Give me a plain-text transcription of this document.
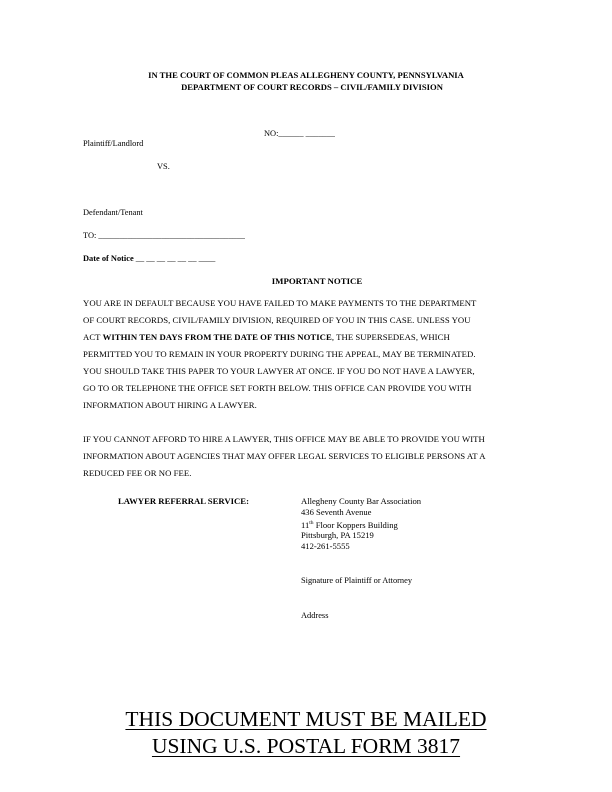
IN THE COURT OF COMMON PLEAS ALLEGHENY COUNTY, PENNSYLVANIA
DEPARTMENT OF COURT RECORDS – CIVIL/FAMILY DIVISION
NO:______ _______
Plaintiff/Landlord
VS.
Defendant/Tenant
TO: ___________________________________
Date of Notice __ __ __ __ __ __ ____
IMPORTANT NOTICE
YOU ARE IN DEFAULT BECAUSE YOU HAVE FAILED TO MAKE PAYMENTS TO THE DEPARTMENT
OF COURT RECORDS, CIVIL/FAMILY DIVISION, REQUIRED OF YOU IN THIS CASE. UNLESS YOU
ACT WITHIN TEN DAYS FROM THE DATE OF THIS NOTICE, THE SUPERSEDEAS, WHICH
PERMITTED YOU TO REMAIN IN YOUR PROPERTY DURING THE APPEAL, MAY BE TERMINATED.
YOU SHOULD TAKE THIS PAPER TO YOUR LAWYER AT ONCE. IF YOU DO NOT HAVE A LAWYER,
GO TO OR TELEPHONE THE OFFICE SET FORTH BELOW. THIS OFFICE CAN PROVIDE YOU WITH
INFORMATION ABOUT HIRING A LAWYER.
IF YOU CANNOT AFFORD TO HIRE A LAWYER, THIS OFFICE MAY BE ABLE TO PROVIDE YOU WITH
INFORMATION ABOUT AGENCIES THAT MAY OFFER LEGAL SERVICES TO ELIGIBLE PERSONS AT A
REDUCED FEE OR NO FEE.
LAWYER REFERRAL SERVICE:	Allegheny County Bar Association
436 Seventh Avenue
11th Floor Koppers Building
Pittsburgh, PA 15219
412-261-5555
Signature of Plaintiff or Attorney
Address
THIS DOCUMENT MUST BE MAILED
USING U.S. POSTAL FORM 3817
